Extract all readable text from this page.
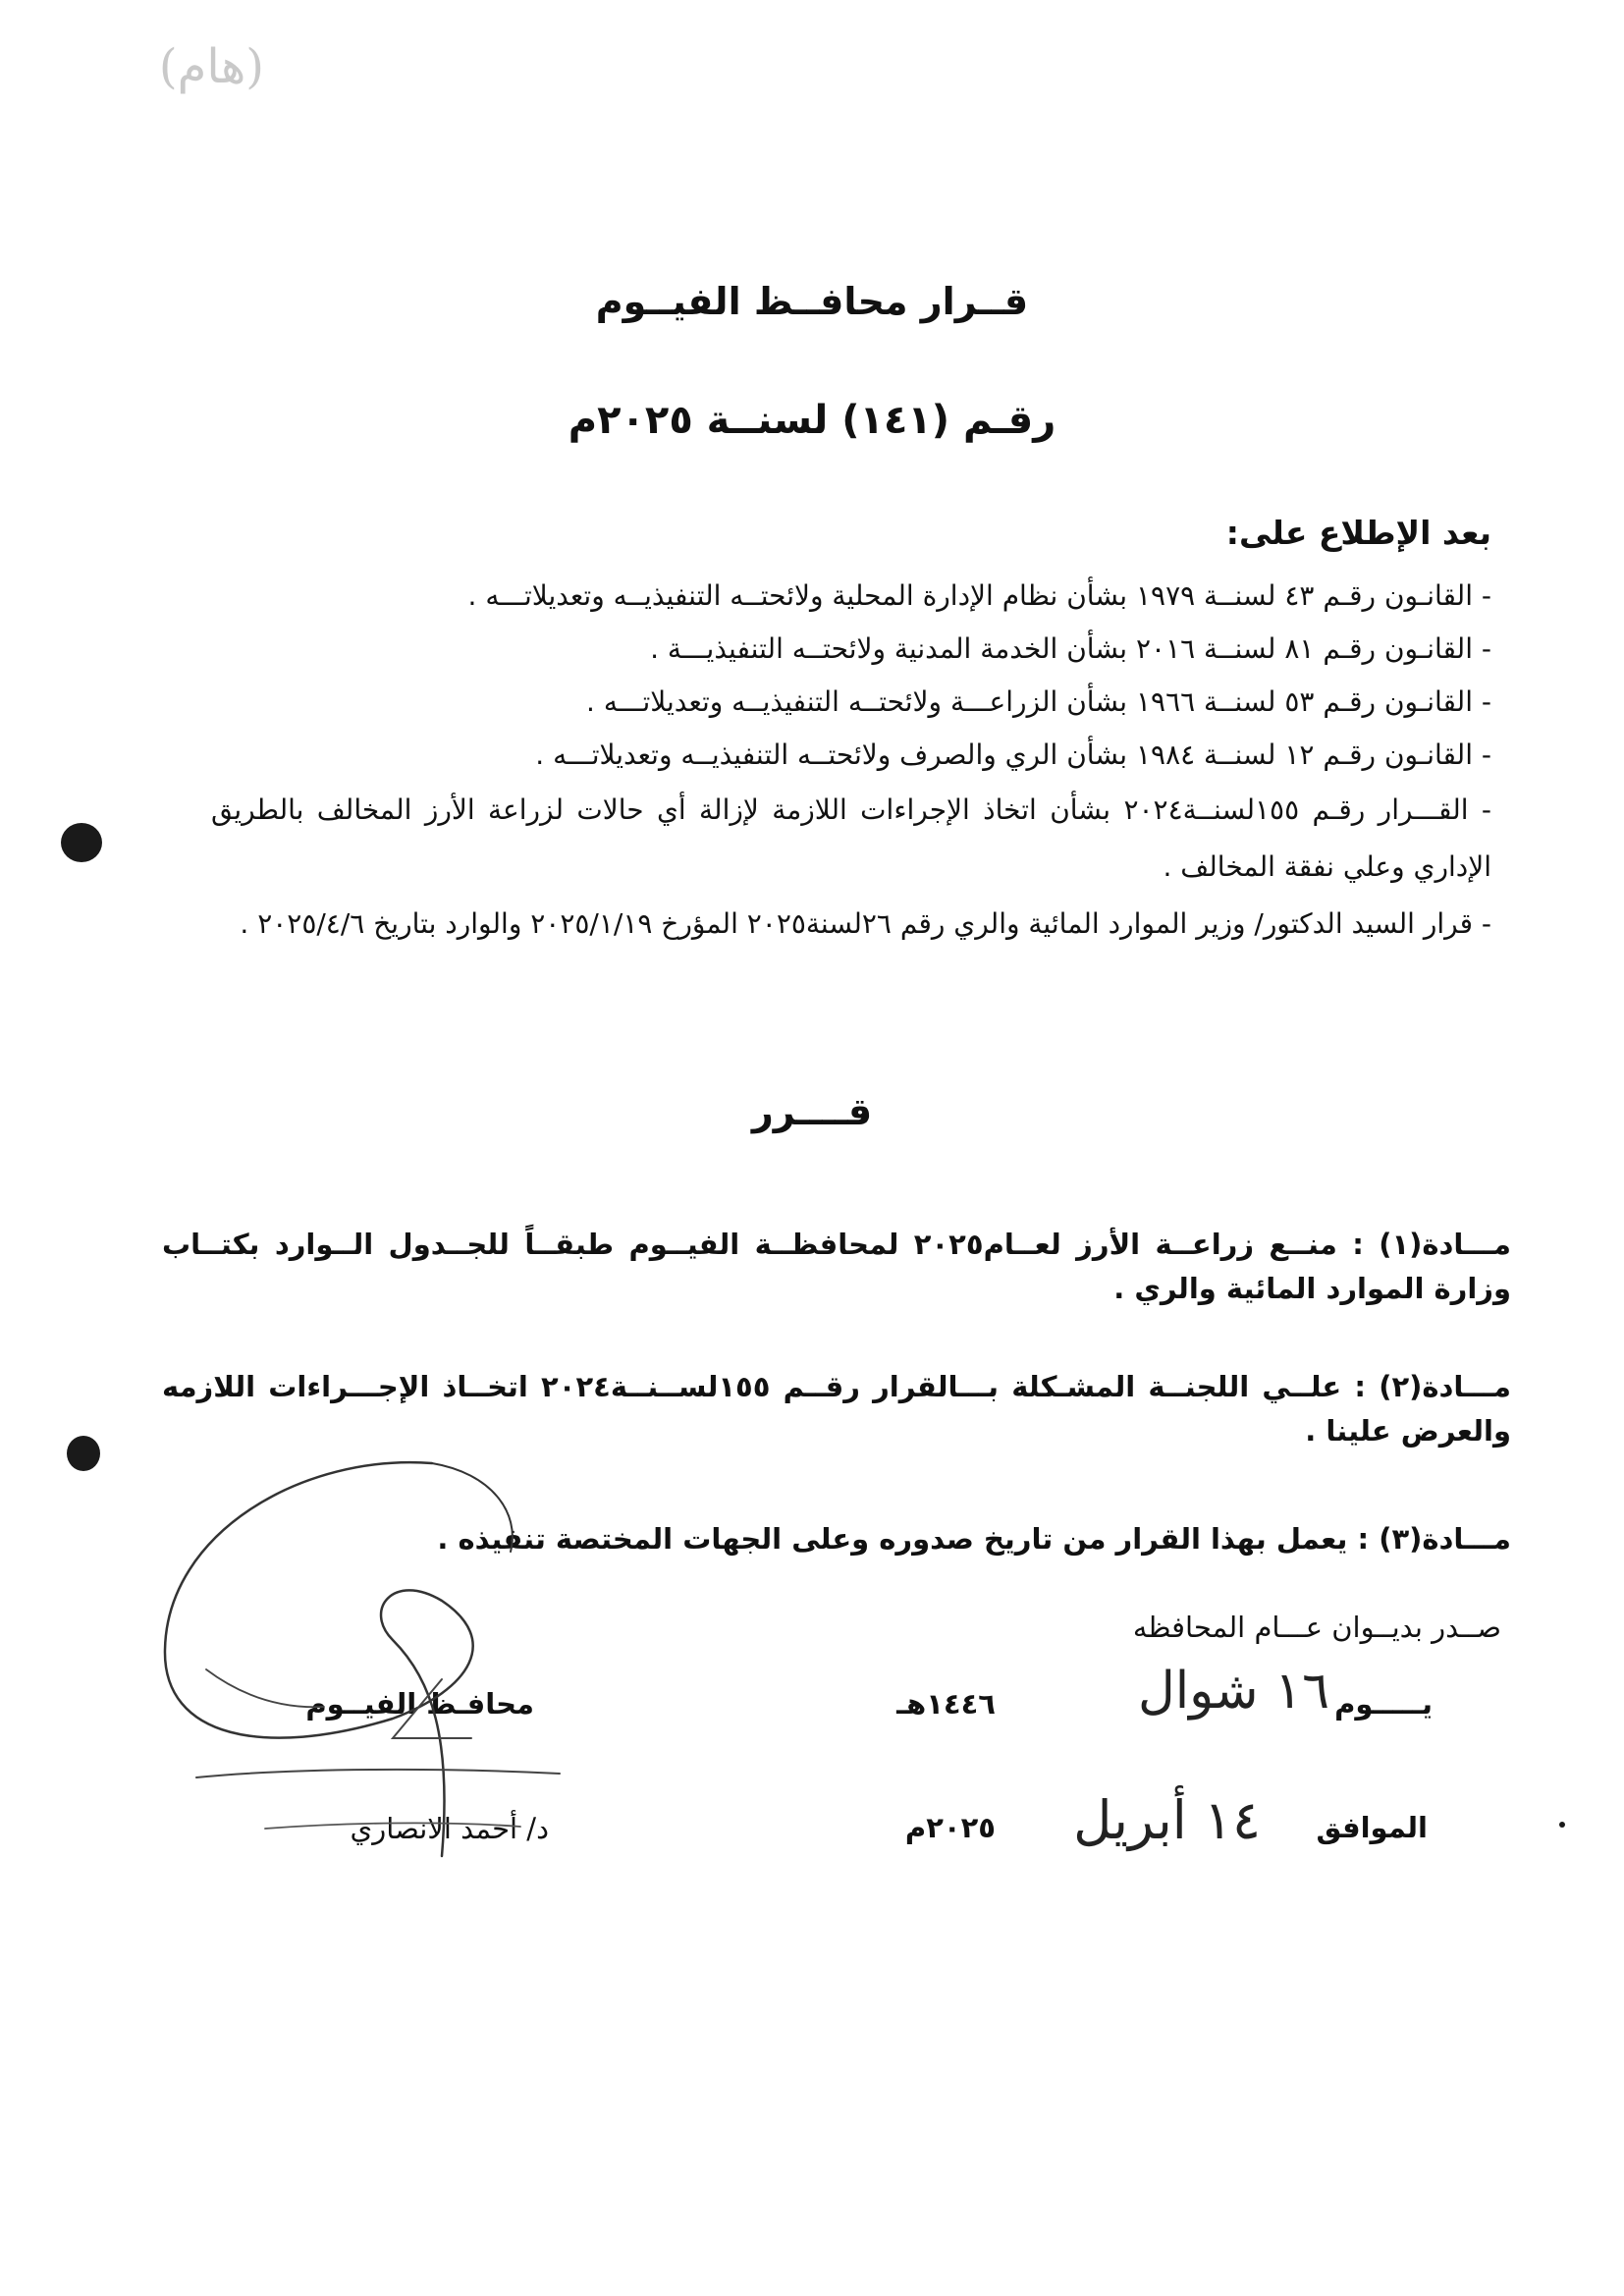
(ﻫﺎﻡ)
قــرار محافــظ الفيــوم
رقـم (١٤١) لسنــة ٢٠٢٥م
بعد الإطلاع على:
- القانـون رقـم ٤٣ لسنــة ١٩٧٩ بشأن نظام الإدارة المحلية ولائحتــه التنفيذيــه وتعديلاتـــه .
- القانـون رقـم ٨١ لسنــة ٢٠١٦ بشأن الخدمة المدنية ولائحتــه التنفيذيـــة .
- القانـون رقـم ٥٣ لسنــة ١٩٦٦ بشأن الزراعـــة ولائحتــه التنفيذيــه وتعديلاتـــه .
- القانـون رقـم ١٢ لسنــة ١٩٨٤ بشأن الري والصرف ولائحتــه التنفيذيــه وتعديلاتـــه .
- القـــرار رقـم ١٥٥لسنــة٢٠٢٤ بشأن اتخاذ الإجراءات اللازمة لإزالة أي حالات لزراعة الأرز المخالف بالطريق الإداري وعلي نفقة المخالف .
- قرار السيد الدكتور/ وزير الموارد المائية والري رقم ٢٦لسنة٢٠٢٥ المؤرخ ٢٠٢٥/١/١٩ والوارد بتاريخ ٢٠٢٥/٤/٦ .
قــــرر
مـــادة(١) : منــع زراعــة الأرز لعــام٢٠٢٥ لمحافظــة الفيــوم طبقــاً للجــدول الــوارد بكتــاب وزارة الموارد المائية والري .
مـــادة(٢) : علــي اللجنــة المشـكلة بـــالقرار رقــم ١٥٥لســنــة٢٠٢٤ اتخــاذ الإجـــراءات اللازمه والعرض علينا .
مـــادة(٣) : يعمل بهذا القرار من تاريخ صدوره وعلى الجهات المختصة تنفيذه .
صــدر بديــوان عـــام المحافظه
يـــــوم
١٦ شوال
١٤٤٦هـ
الموافق
١٤ أبريل
٢٠٢٥م
محافـظ الفيــوم
د/ أحمد الانصاري
